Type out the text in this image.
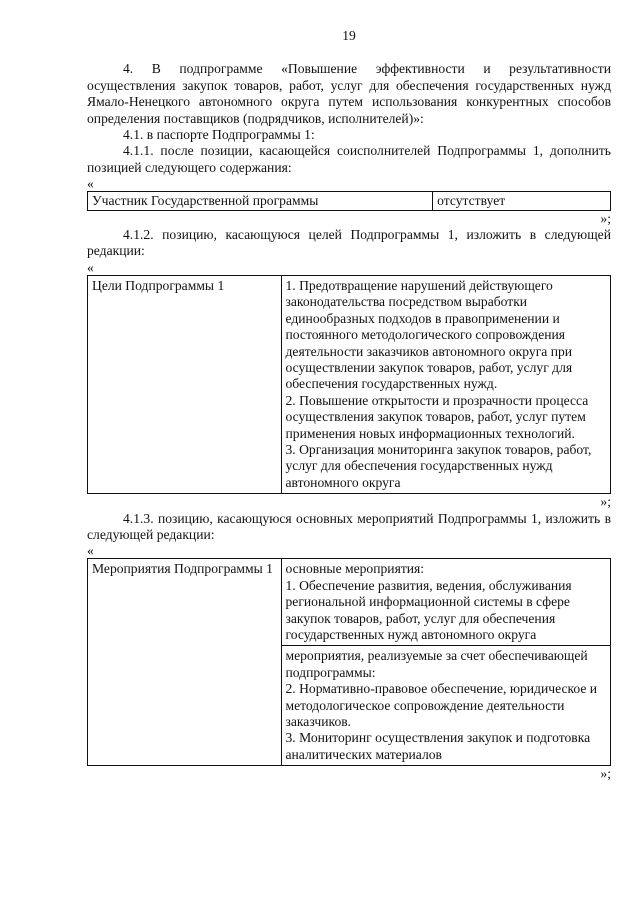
19

4. В подпрограмме «Повышение эффективности и результативности осуществления закупок товаров, работ, услуг для обеспечения государственных нужд Ямало-Ненецкого автономного округа путем использования конкурентных способов определения поставщиков (подрядчиков, исполнителей)»:

4.1. в паспорте Подпрограммы 1:

4.1.1. после позиции, касающейся соисполнителей Подпрограммы 1, дополнить позицией следующего содержания:

«
Участник Государственной программы	отсутствует
»;

4.1.2. позицию, касающуюся целей Подпрограммы 1, изложить в следующей редакции:

«
Цели Подпрограммы 1	1. Предотвращение нарушений действующего законодательства посредством выработки единообразных подходов в правоприменении и постоянного методологического сопровождения деятельности заказчиков автономного округа при осуществлении закупок товаров, работ, услуг для обеспечения государственных нужд.
2. Повышение открытости и прозрачности процесса осуществления закупок товаров, работ, услуг путем применения новых информационных технологий.
3. Организация мониторинга закупок товаров, работ, услуг для обеспечения государственных нужд автономного округа
»;

4.1.3. позицию, касающуюся основных мероприятий Подпрограммы 1, изложить в следующей редакции:

«
Мероприятия Подпрограммы 1	основные мероприятия:
1. Обеспечение развития, ведения, обслуживания региональной информационной системы в сфере закупок товаров, работ, услуг для обеспечения государственных нужд автономного округа

мероприятия, реализуемые за счет обеспечивающей подпрограммы:
2. Нормативно-правовое обеспечение, юридическое и методологическое сопровождение деятельности заказчиков.
3. Мониторинг осуществления закупок и подготовка аналитических материалов
»;
